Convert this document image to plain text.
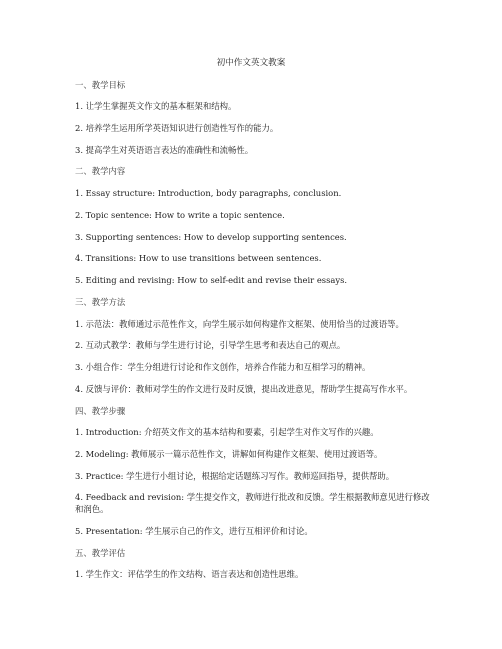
初中作文英文教案
一、教学目标
1. 让学生掌握英文作文的基本框架和结构。
2. 培养学生运用所学英语知识进行创造性写作的能力。
3. 提高学生对英语语言表达的准确性和流畅性。
二、教学内容
1. Essay structure: Introduction, body paragraphs, conclusion.
2. Topic sentence: How to write a topic sentence.
3. Supporting sentences: How to develop supporting sentences.
4. Transitions: How to use transitions between sentences.
5. Editing and revising: How to self-edit and revise their essays.
三、教学方法
1. 示范法：教师通过示范性作文，向学生展示如何构建作文框架、使用恰当的过渡语等。
2. 互动式教学：教师与学生进行讨论，引导学生思考和表达自己的观点。
3. 小组合作：学生分组进行讨论和作文创作，培养合作能力和互相学习的精神。
4. 反馈与评价：教师对学生的作文进行及时反馈，提出改进意见，帮助学生提高写作水平。
四、教学步骤
1. Introduction: 介绍英文作文的基本结构和要素，引起学生对作文写作的兴趣。
2. Modeling: 教师展示一篇示范性作文，讲解如何构建作文框架、使用过渡语等。
3. Practice: 学生进行小组讨论，根据给定话题练习写作。教师巡回指导，提供帮助。
4. Feedback and revision: 学生提交作文，教师进行批改和反馈。学生根据教师意见进行修改和润色。
5. Presentation: 学生展示自己的作文，进行互相评价和讨论。
五、教学评估
1. 学生作文：评估学生的作文结构、语言表达和创造性思维。
